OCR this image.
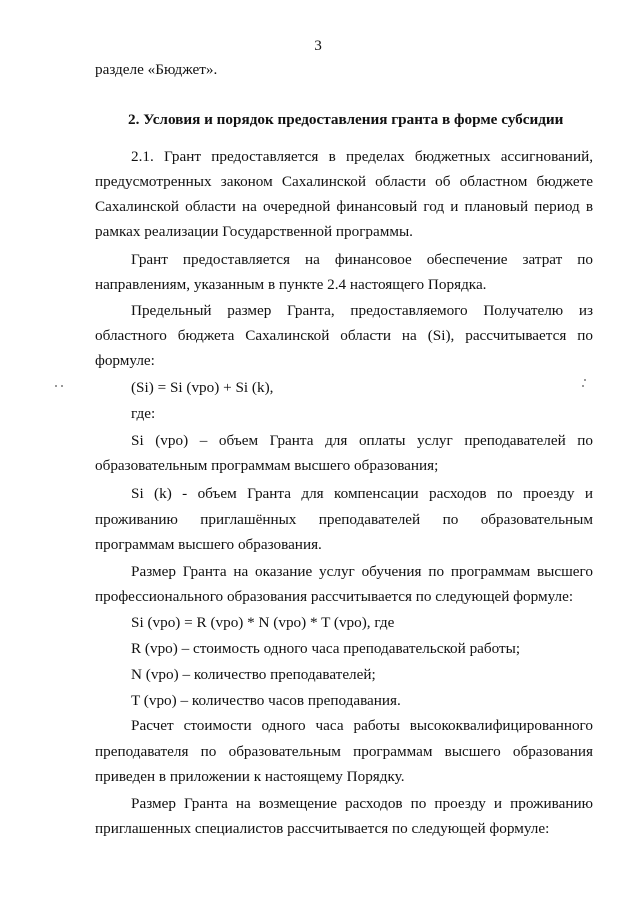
3
разделе «Бюджет».
2. Условия и порядок предоставления гранта в форме субсидии
2.1. Грант предоставляется в пределах бюджетных ассигнований,
предусмотренных законом Сахалинской области об областном бюджете
Сахалинской области на очередной финансовый год и плановый период в
рамках реализации Государственной программы.
Грант предоставляется на финансовое обеспечение затрат по
направлениям, указанным в пункте 2.4 настоящего Порядка.
Предельный размер Гранта, предоставляемого Получателю из
областного бюджета Сахалинской области на (Si), рассчитывается по
формуле:
(Si) = Si (vpo) + Si (k),
где:
Si (vpo) – объем Гранта для оплаты услуг преподавателей по
образовательным программам высшего образования;
Si (k) - объем Гранта для компенсации расходов по проезду и
проживанию приглашённых преподавателей по образовательным
программам высшего образования.
Размер Гранта на оказание услуг обучения по программам высшего
профессионального образования рассчитывается по следующей формуле:
Si (vpo) = R (vpo) * N (vpo) * T (vpo), где
R (vpo) – стоимость одного часа преподавательской работы;
N (vpo) – количество преподавателей;
T (vpo) – количество часов преподавания.
Расчет стоимости одного часа работы высококвалифицированного
преподавателя по образовательным программам высшего образования
приведен в приложении к настоящему Порядку.
Размер Гранта на возмещение расходов по проезду и проживанию
приглашенных специалистов рассчитывается по следующей формуле:
